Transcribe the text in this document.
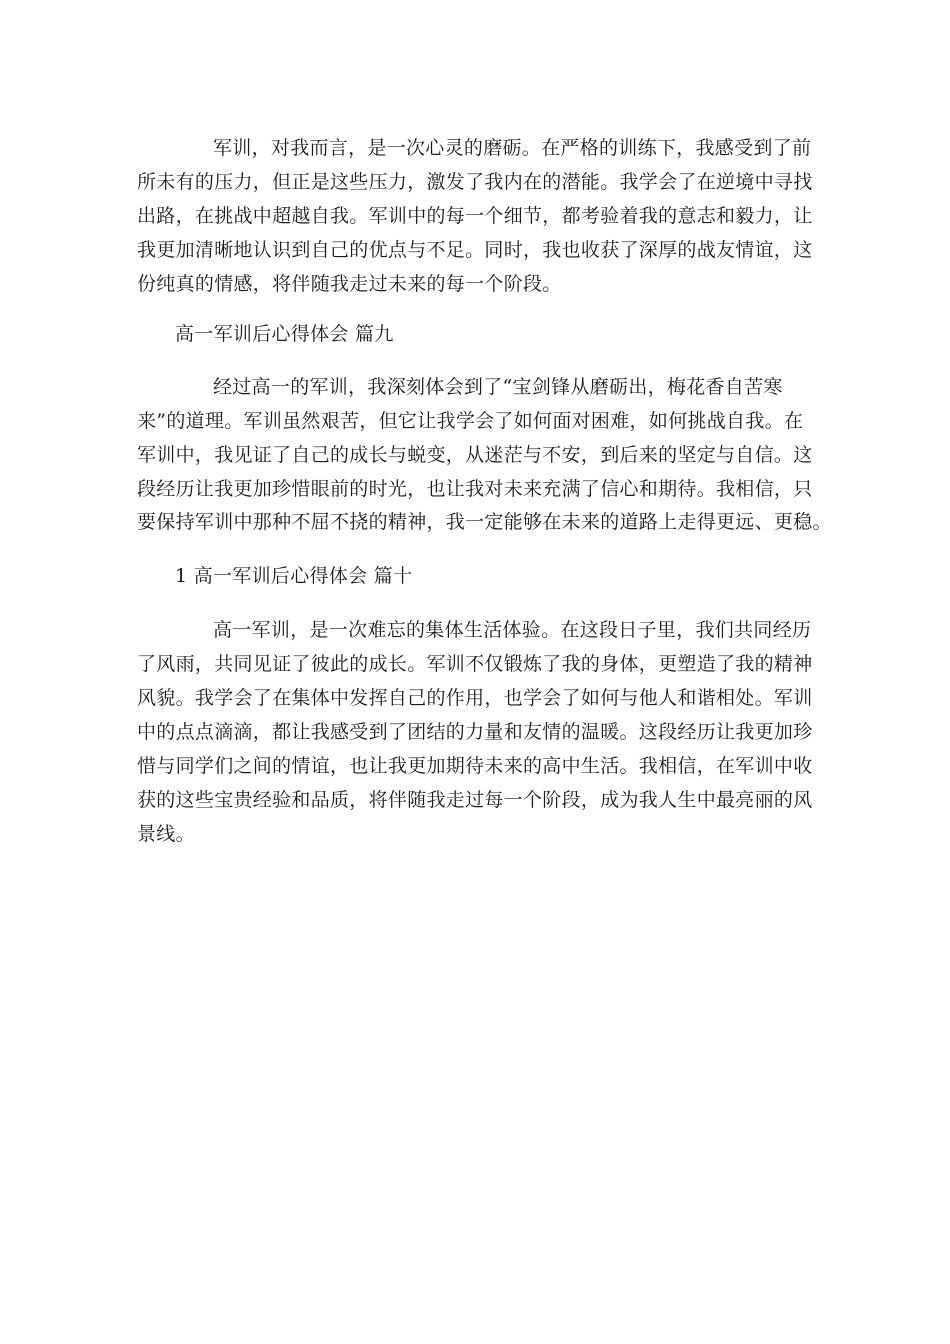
军训，对我而言，是一次心灵的磨砺。在严格的训练下，我感受到了前
所未有的压力，但正是这些压力，激发了我内在的潜能。我学会了在逆境中寻找
出路，在挑战中超越自我。军训中的每一个细节，都考验着我的意志和毅力，让
我更加清晰地认识到自己的优点与不足。同时，我也收获了深厚的战友情谊，这
份纯真的情感，将伴随我走过未来的每一个阶段。
高一军训后心得体会 篇九
经过高一的军训，我深刻体会到了“宝剑锋从磨砺出，梅花香自苦寒
来”的道理。军训虽然艰苦，但它让我学会了如何面对困难，如何挑战自我。在
军训中，我见证了自己的成长与蜕变，从迷茫与不安，到后来的坚定与自信。这
段经历让我更加珍惜眼前的时光，也让我对未来充满了信心和期待。我相信，只
要保持军训中那种不屈不挠的精神，我一定能够在未来的道路上走得更远、更稳。
1 高一军训后心得体会 篇十
高一军训，是一次难忘的集体生活体验。在这段日子里，我们共同经历
了风雨，共同见证了彼此的成长。军训不仅锻炼了我的身体，更塑造了我的精神
风貌。我学会了在集体中发挥自己的作用，也学会了如何与他人和谐相处。军训
中的点点滴滴，都让我感受到了团结的力量和友情的温暖。这段经历让我更加珍
惜与同学们之间的情谊，也让我更加期待未来的高中生活。我相信，在军训中收
获的这些宝贵经验和品质，将伴随我走过每一个阶段，成为我人生中最亮丽的风
景线。
